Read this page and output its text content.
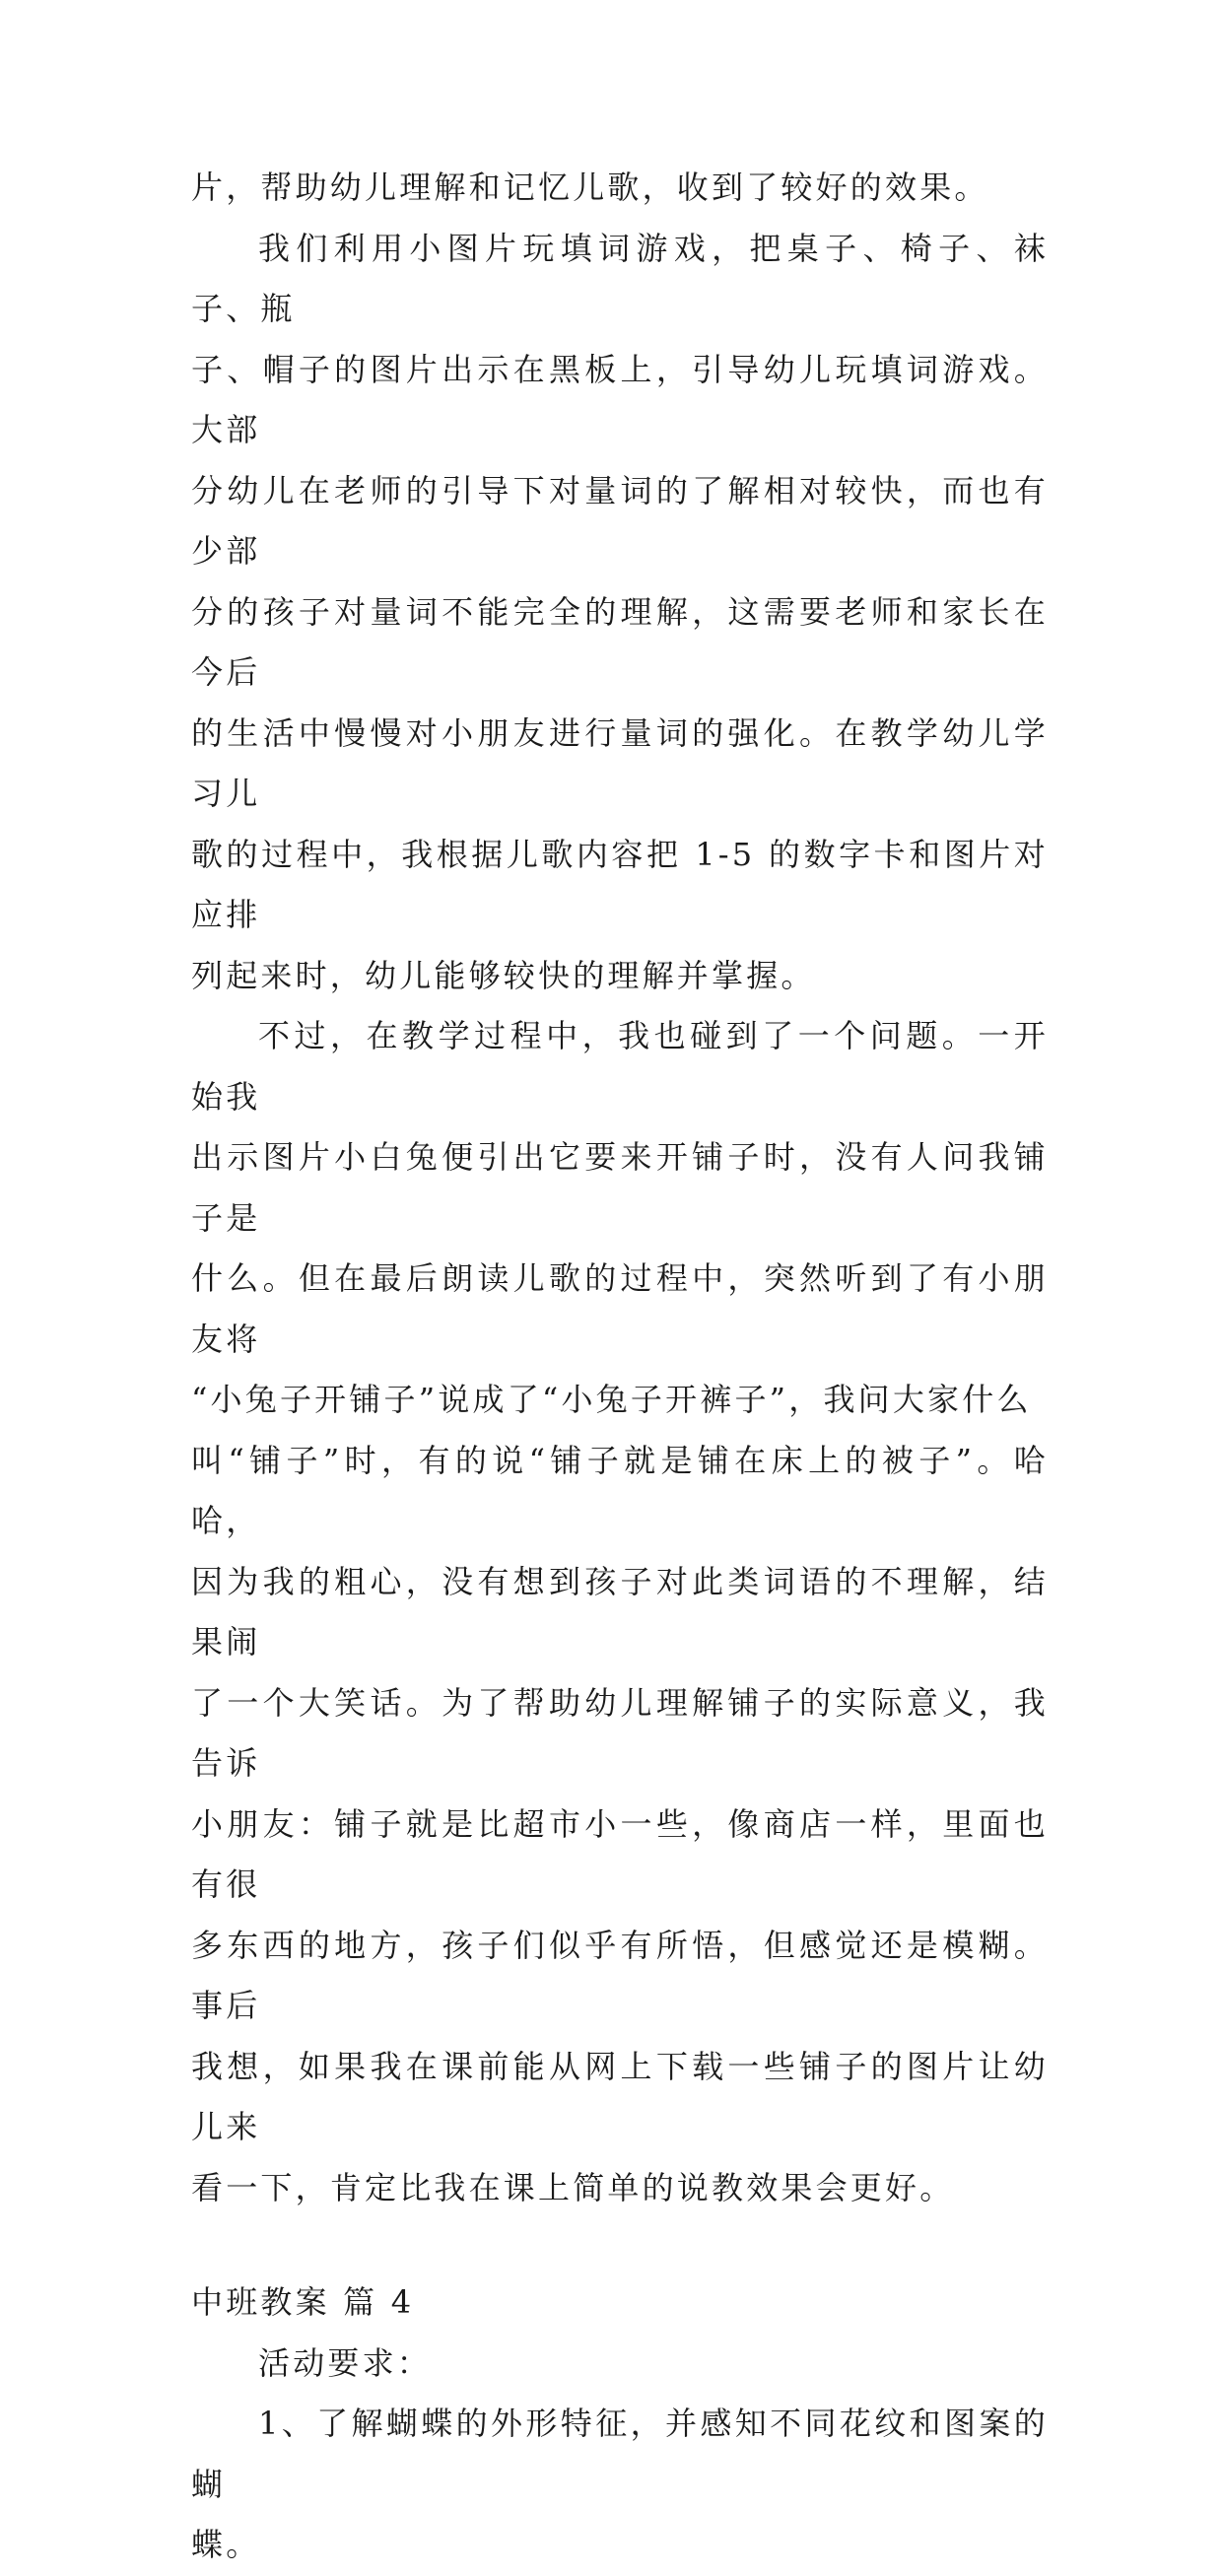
片，帮助幼儿理解和记忆儿歌，收到了较好的效果。
我们利用小图片玩填词游戏，把桌子、椅子、袜子、瓶
子、帽子的图片出示在黑板上，引导幼儿玩填词游戏。大部
分幼儿在老师的引导下对量词的了解相对较快，而也有少部
分的孩子对量词不能完全的理解，这需要老师和家长在今后
的生活中慢慢对小朋友进行量词的强化。在教学幼儿学习儿
歌的过程中，我根据儿歌内容把 1-5 的数字卡和图片对应排
列起来时，幼儿能够较快的理解并掌握。
不过，在教学过程中，我也碰到了一个问题。一开始我
出示图片小白兔便引出它要来开铺子时，没有人问我铺子是
什么。但在最后朗读儿歌的过程中，突然听到了有小朋友将
“小兔子开铺子”说成了“小兔子开裤子”，我问大家什么
叫“铺子”时，有的说“铺子就是铺在床上的被子”。哈哈，
因为我的粗心，没有想到孩子对此类词语的不理解，结果闹
了一个大笑话。为了帮助幼儿理解铺子的实际意义，我告诉
小朋友：铺子就是比超市小一些，像商店一样，里面也有很
多东西的地方，孩子们似乎有所悟，但感觉还是模糊。事后
我想，如果我在课前能从网上下载一些铺子的图片让幼儿来
看一下，肯定比我在课上简单的说教效果会更好。
中班教案 篇 4
活动要求：
1、了解蝴蝶的外形特征，并感知不同花纹和图案的蝴
蝶。
